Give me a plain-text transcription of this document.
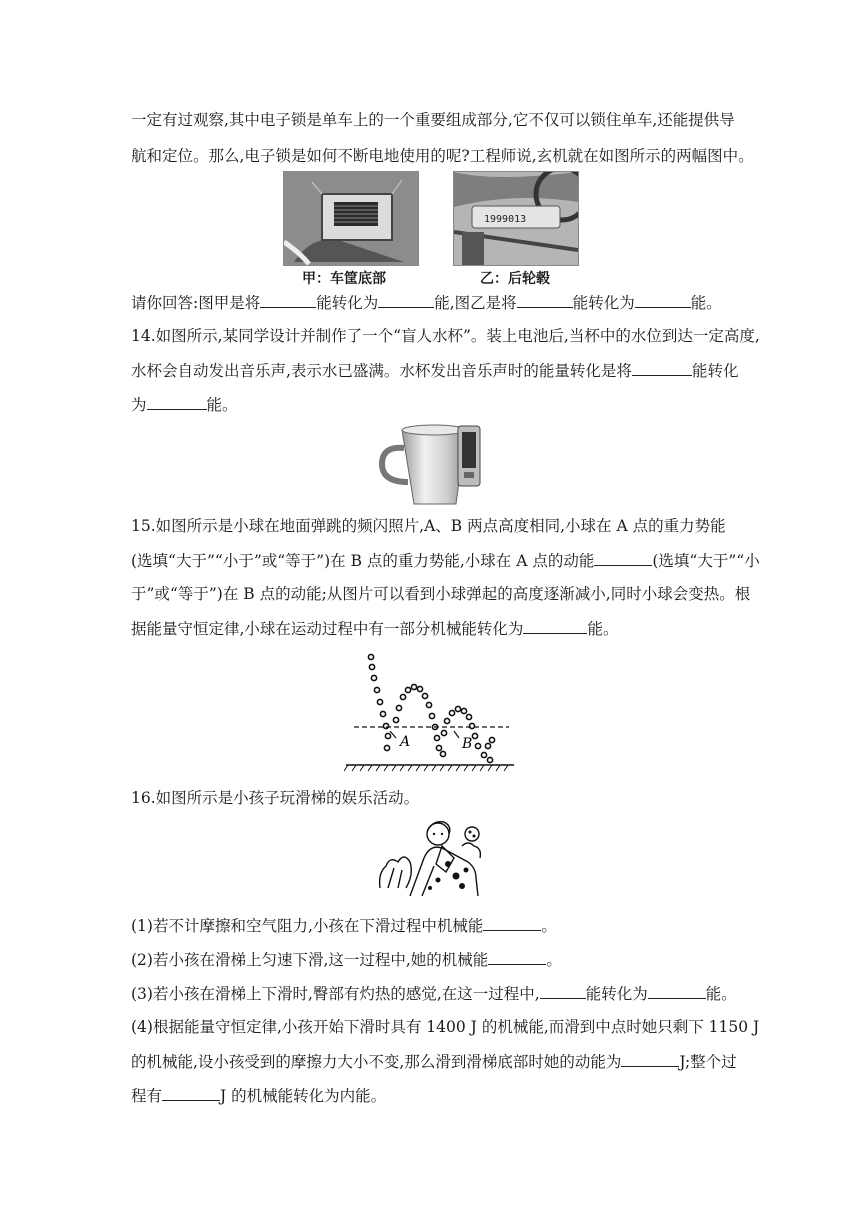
一定有过观察,其中电子锁是单车上的一个重要组成部分,它不仅可以锁住单车,还能提供导
航和定位。那么,电子锁是如何不断电地使用的呢?工程师说,玄机就在如图所示的两幅图中。
1999013
甲：车筐底部	乙：后轮毂
请你回答:图甲是将	能转化为	能,图乙是将	能转化为	能。
14.如图所示,某同学设计并制作了一个“盲人水杯”。装上电池后,当杯中的水位到达一定高度,
水杯会自动发出音乐声,表示水已盛满。水杯发出音乐声时的能量转化是将	能转化
为	能。
15.如图所示是小球在地面弹跳的频闪照片,A、B 两点高度相同,小球在 A 点的重力势能
(选填“大于”“小于”或“等于”)在 B 点的重力势能,小球在 A 点的动能	(选填“大于”“小
于”或“等于”)在 B 点的动能;从图片可以看到小球弹起的高度逐渐减小,同时小球会变热。根
据能量守恒定律,小球在运动过程中有一部分机械能转化为	能。
A	B
16.如图所示是小孩子玩滑梯的娱乐活动。
(1)若不计摩擦和空气阻力,小孩在下滑过程中机械能	。
(2)若小孩在滑梯上匀速下滑,这一过程中,她的机械能	。
(3)若小孩在滑梯上下滑时,臀部有灼热的感觉,在这一过程中,	能转化为	能。
(4)根据能量守恒定律,小孩开始下滑时具有 1400 J 的机械能,而滑到中点时她只剩下 1150 J
的机械能,设小孩受到的摩擦力大小不变,那么滑到滑梯底部时她的动能为	J;整个过
程有	J 的机械能转化为内能。
